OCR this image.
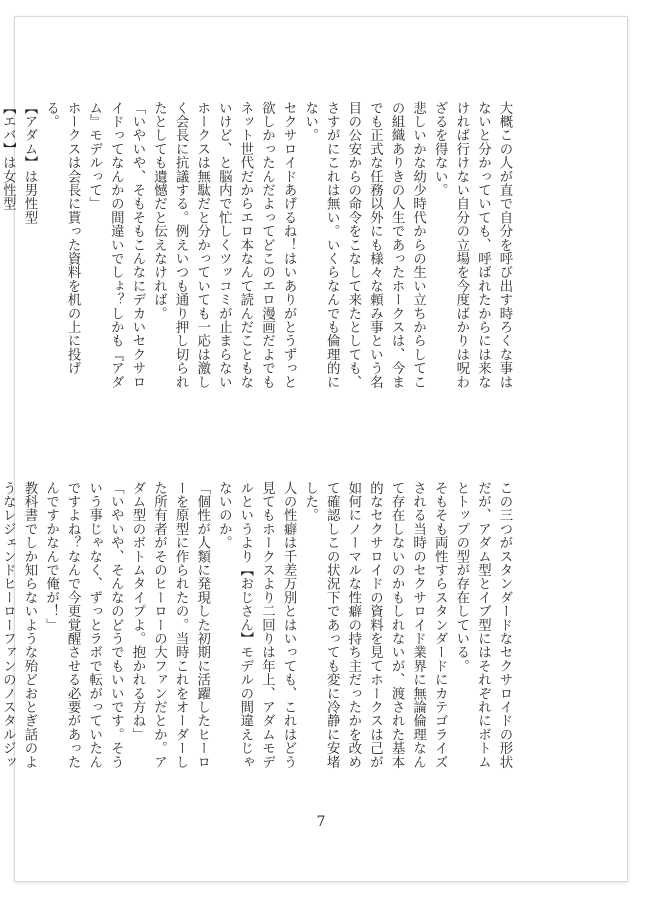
大概この人が直で自分を呼び出す時ろくな事はないと分かっていても、呼ばれたからには来なければ行けない自分の立場を今度ばかりは呪わざるを得ない。
悲しいかな幼少時代からの生い立ちからしてこの組織ありきの人生であったホークスは、今までも正式な任務以外にも様々な頼み事という名目の公安からの命令をこなして来たとしても、さすがにこれは無い。いくらなんでも倫理的にない。
セクサロイドあげるね！はいありがとうずっと欲しかったんだよってどこのエロ漫画だよでもネット世代だからエロ本なんて読んだこともないけど、と脳内で忙しくツッコミが止まらないホークスは無駄だと分かっていても一応は激しく会長に抗議する。例えいつも通り押し切られたとしても遺憾だと伝えなければ。
「いやいや、そもそもこんなにデカいセクサロイドってなんかの間違いでしょ？しかも『アダム』モデルって」
ホークスは会長に貰った資料を机の上に投げる。
【アダム】は男性型
【エバ】は女性型
この三つがスタンダードなセクサロイドの形状だが、アダム型とイブ型にはそれぞれにボトムとトップの型が存在している。
そもそも両性すらスタンダードにカテゴライズされる当時のセクサロイド業界に無論倫理なんて存在しないのかもしれないが、渡された基本的なセクサロイドの資料を見てホークスは己が如何にノーマルな性癖の持ち主だったかを改めて確認しこの状況下であっても変に冷静に安堵した。
人の性癖は千差万別とはいっても、これはどう見てもホークスより二回りは年上、アダムモデルというより【おじさん】モデルの間違えじゃないのか。
「個性が人類に発現した初期に活躍したヒーローを原型に作られたの。当時これをオーダーした所有者がそのヒーローの大ファンだとか。アダム型のボトムタイプよ。抱かれる方ね」
「いやいや、そんなのどうでもいいです。そういう事じゃなく、ずっとラボで転がっていたんですよね？なんで今更覚醒させる必要があったんですかなんで俺が！」
教科書でしか知らないような殆どおとぎ話のようなレジェンドヒーローファンのノスタルジッ
7
